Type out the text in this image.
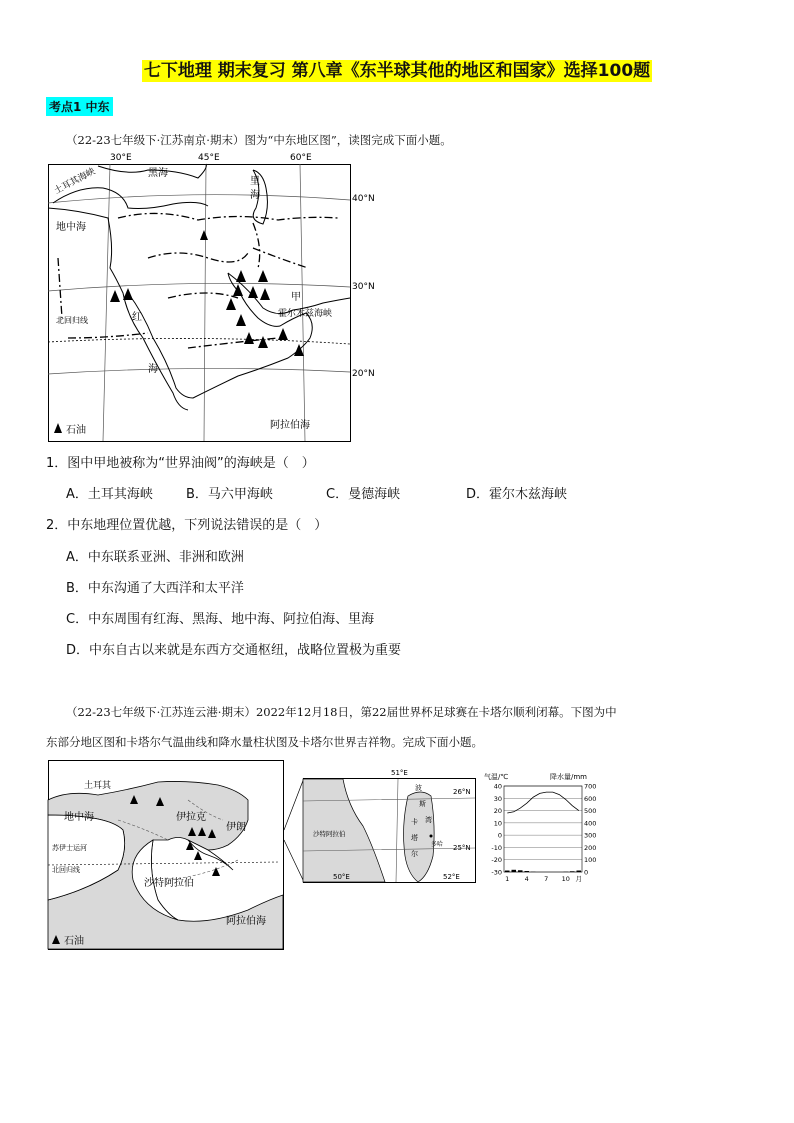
七下地理 期末复习 第八章《东半球其他的地区和国家》选择100题
考点1 中东
（22-23七年级下·江苏南京·期末）图为“中东地区图”，读图完成下面小题。
30°E	45°E	60°E
40°N
30°N
20°N
黑海
里
海
地中海
土耳其海峡
北回归线	红
海
甲
霍尔木兹海峡
阿拉伯海
石油
1．图中甲地被称为“世界油阀”的海峡是（　）
A．土耳其海峡	B．马六甲海峡	C．曼德海峡	D．霍尔木兹海峡
2．中东地理位置优越，下列说法错误的是（　）
A．中东联系亚洲、非洲和欧洲
B．中东沟通了大西洋和太平洋
C．中东周围有红海、黑海、地中海、阿拉伯海、里海
D．中东自古以来就是东西方交通枢纽，战略位置极为重要
（22-23七年级下·江苏连云港·期末）2022年12月18日，第22届世界杯足球赛在卡塔尔顺利闭幕。下图为中
东部分地区图和卡塔尔气温曲线和降水量柱状图及卡塔尔世界吉祥物。完成下面小题。
土耳其
地中海	伊拉克
伊朗
苏伊士运河
北回归线
沙特阿拉伯
阿拉伯海
石油
51°E
26°N
25°N
50°E	52°E
沙特阿拉伯
波
斯
湾
卡
塔
尔
多哈
气温/℃	降水量/mm
40	700
30	600
20	500
10	400
0	300
-10	200
-20	100
-30	0
1 4 7 10 月
